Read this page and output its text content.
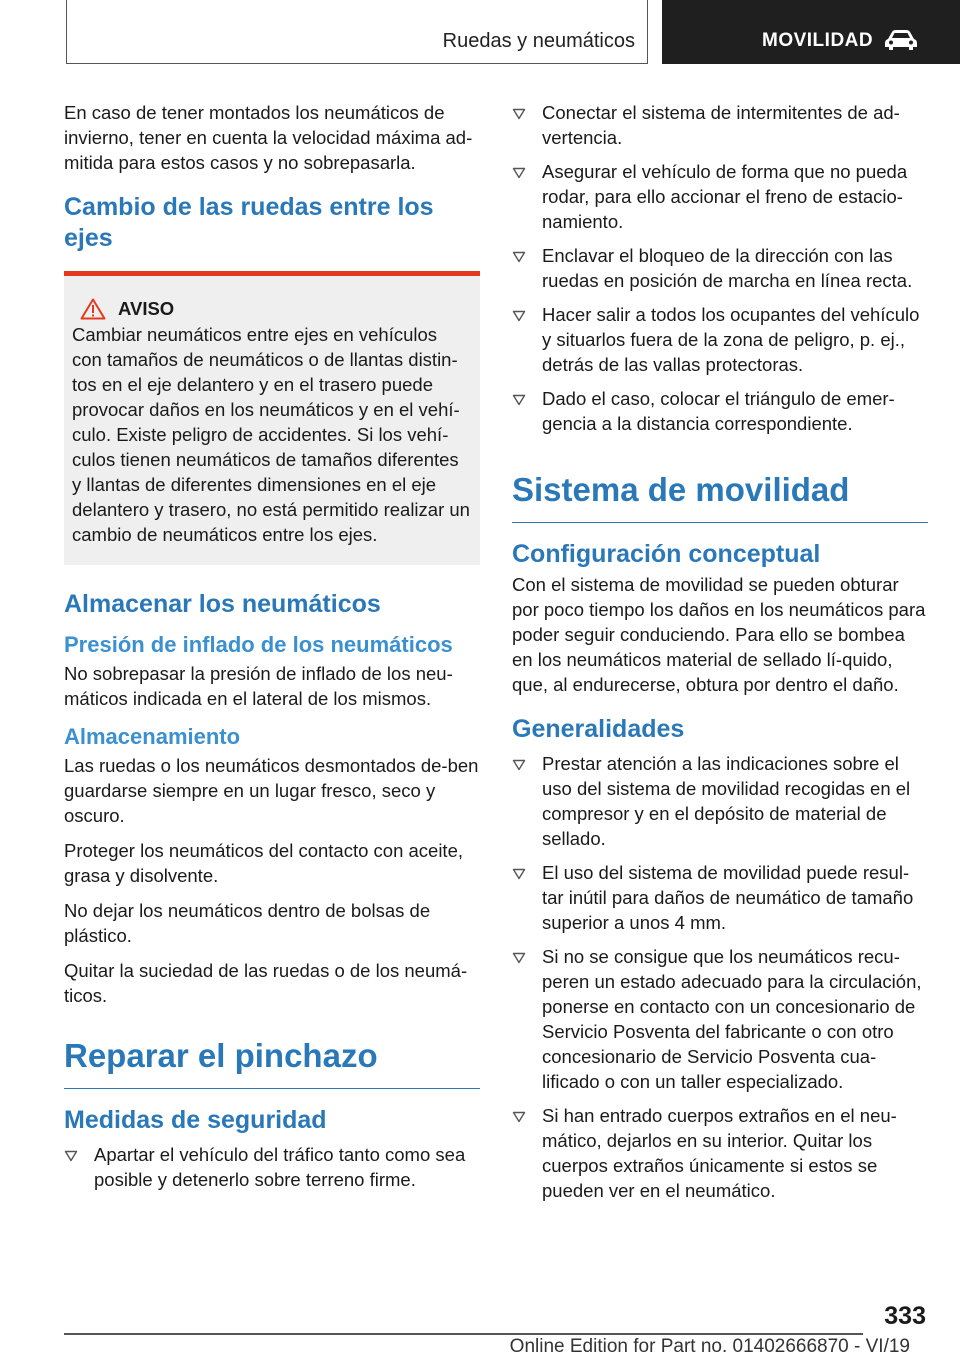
Ruedas y neumáticos	MOVILIDAD

En caso de tener montados los neumáticos de invierno, tener en cuenta la velocidad máxima ad-mitida para estos casos y no sobrepasarla.

Cambio de las ruedas entre los ejes
AVISO

Cambiar neumáticos entre ejes en vehículos con tamaños de neumáticos o de llantas distin-tos en el eje delantero y en el trasero puede provocar daños en los neumáticos y en el vehí-culo. Existe peligro de accidentes. Si los vehí-culos tienen neumáticos de tamaños diferentes y llantas de diferentes dimensiones en el eje delantero y trasero, no está permitido realizar un cambio de neumáticos entre los ejes.

Almacenar los neumáticos
Presión de inflado de los neumáticos

No sobrepasar la presión de inflado de los neu-máticos indicada en el lateral de los mismos.

Almacenamiento

Las ruedas o los neumáticos desmontados de-ben guardarse siempre en un lugar fresco, seco y oscuro.

Proteger los neumáticos del contacto con aceite, grasa y disolvente.

No dejar los neumáticos dentro de bolsas de plástico.

Quitar la suciedad de las ruedas o de los neumá-ticos.

Reparar el pinchazo
Medidas de seguridad
Apartar el vehículo del tráfico tanto como sea posible y detenerlo sobre terreno firme.
Conectar el sistema de intermitentes de ad-vertencia.
Asegurar el vehículo de forma que no pueda rodar, para ello accionar el freno de estacio-namiento.
Enclavar el bloqueo de la dirección con las ruedas en posición de marcha en línea recta.
Hacer salir a todos los ocupantes del vehículo y situarlos fuera de la zona de peligro, p. ej., detrás de las vallas protectoras.
Dado el caso, colocar el triángulo de emer-gencia a la distancia correspondiente.
Sistema de movilidad
Configuración conceptual

Con el sistema de movilidad se pueden obturar por poco tiempo los daños en los neumáticos para poder seguir conduciendo. Para ello se bombea en los neumáticos material de sellado lí-quido, que, al endurecerse, obtura por dentro el daño.

Generalidades
Prestar atención a las indicaciones sobre el uso del sistema de movilidad recogidas en el compresor y en el depósito de material de sellado.
El uso del sistema de movilidad puede resul-tar inútil para daños de neumático de tamaño superior a unos 4 mm.
Si no se consigue que los neumáticos recu-peren un estado adecuado para la circulación, ponerse en contacto con un concesionario de Servicio Posventa del fabricante o con otro concesionario de Servicio Posventa cua-lificado o con un taller especializado.
Si han entrado cuerpos extraños en el neu-mático, dejarlos en su interior. Quitar los cuerpos extraños únicamente si estos se pueden ver en el neumático.
333
Online Edition for Part no. 01402666870 - VI/19
